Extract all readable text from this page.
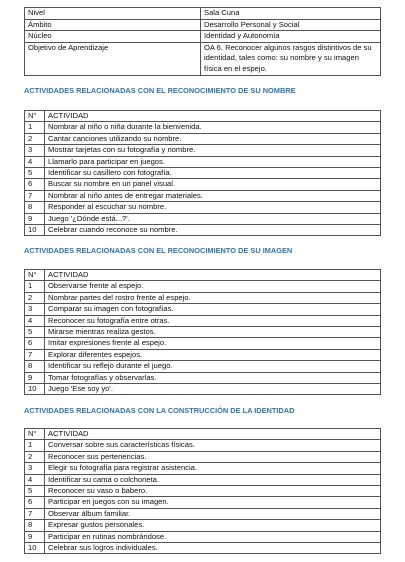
Nivel	Sala Cuna
Ámbito	Desarrollo Personal y Social
Núcleo	Identidad y Autonomía
Objetivo de Aprendizaje	OA 6. Reconocer algunos rasgos distintivos de su identidad, tales como: su nombre y su imagen física en el espejo.
ACTIVIDADES RELACIONADAS CON EL RECONOCIMIENTO DE SU NOMBRE
N°	ACTIVIDAD
1	Nombrar al niño o niña durante la bienvenida.
2	Cantar canciones utilizando su nombre.
3	Mostrar tarjetas con su fotografía y nombre.
4	Llamarlo para participar en juegos.
5	Identificar su casillero con fotografía.
6	Buscar su nombre en un panel visual.
7	Nombrar al niño antes de entregar materiales.
8	Responder al escuchar su nombre.
9	Juego '¿Dónde está...?'.
10	Celebrar cuando reconoce su nombre.
ACTIVIDADES RELACIONADAS CON EL RECONOCIMIENTO DE SU IMAGEN
N°	ACTIVIDAD
1	Observarse frente al espejo.
2	Nombrar partes del rostro frente al espejo.
3	Comparar su imagen con fotografías.
4	Reconocer su fotografía entre otras.
5	Mirarse mientras realiza gestos.
6	Imitar expresiones frente al espejo.
7	Explorar diferentes espejos.
8	Identificar su reflejo durante el juego.
9	Tomar fotografías y observarlas.
10	Juego 'Ese soy yo'.
ACTIVIDADES RELACIONADAS CON LA CONSTRUCCIÓN DE LA IDENTIDAD
N°	ACTIVIDAD
1	Conversar sobre sus características físicas.
2	Reconocer sus pertenencias.
3	Elegir su fotografía para registrar asistencia.
4	Identificar su cama o colchoneta.
5	Reconocer su vaso o babero.
6	Participar en juegos con su imagen.
7	Observar álbum familiar.
8	Expresar gustos personales.
9	Participar en rutinas nombrándose.
10	Celebrar sus logros individuales.
